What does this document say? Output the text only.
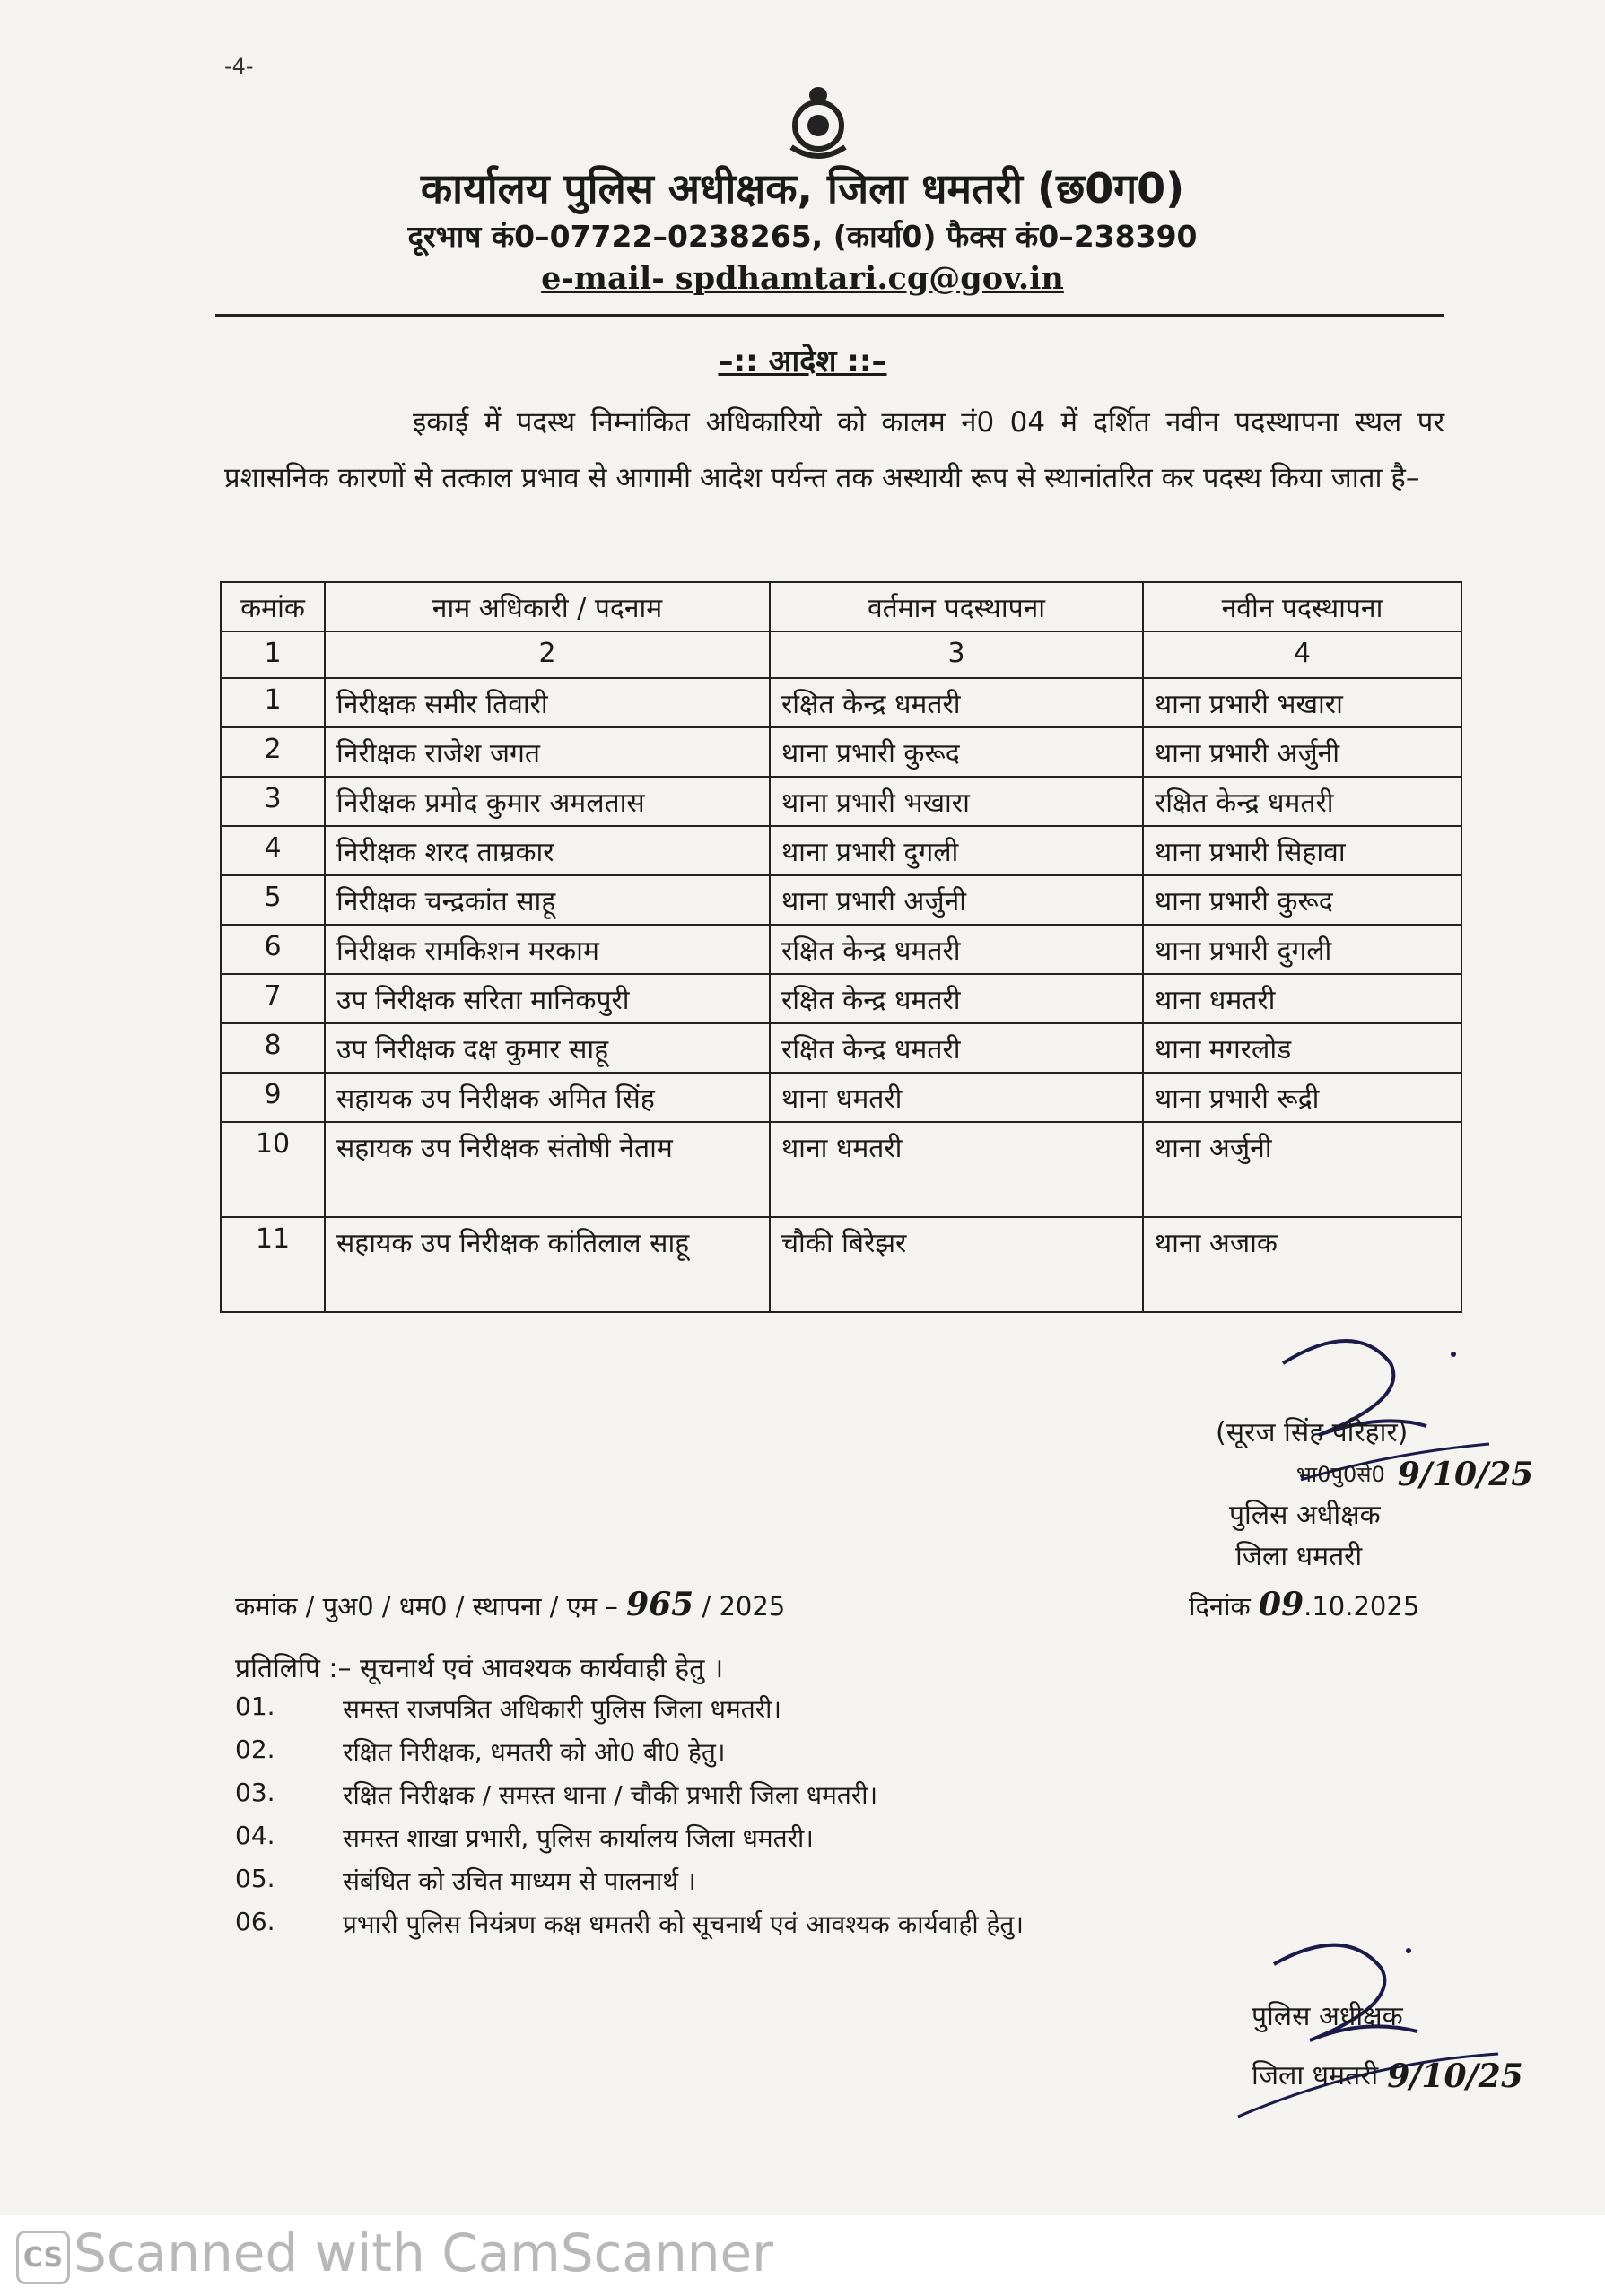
-4-
कार्यालय पुलिस अधीक्षक, जिला धमतरी (छ0ग0)
दूरभाष कं0–07722–0238265, (कार्या0) फैक्स कं0–238390
e-mail- spdhamtari.cg@gov.in
–:: आदेश ::–
इकाई में पदस्थ निम्नांकित अधिकारियो को कालम नं0 04 में दर्शित नवीन पदस्थापना स्थल पर प्रशासनिक कारणों से तत्काल प्रभाव से आगामी आदेश पर्यन्त तक अस्थायी रूप से स्थानांतरित कर पदस्थ किया जाता है–
कमांक	नाम अधिकारी / पदनाम	वर्तमान पदस्थापना	नवीन पदस्थापना
1	2	3	4
1	निरीक्षक समीर तिवारी	रक्षित केन्द्र धमतरी	थाना प्रभारी भखारा
2	निरीक्षक राजेश जगत	थाना प्रभारी कुरूद	थाना प्रभारी अर्जुनी
3	निरीक्षक प्रमोद कुमार अमलतास	थाना प्रभारी भखारा	रक्षित केन्द्र धमतरी
4	निरीक्षक शरद ताम्रकार	थाना प्रभारी दुगली	थाना प्रभारी सिहावा
5	निरीक्षक चन्द्रकांत साहू	थाना प्रभारी अर्जुनी	थाना प्रभारी कुरूद
6	निरीक्षक रामकिशन मरकाम	रक्षित केन्द्र धमतरी	थाना प्रभारी दुगली
7	उप निरीक्षक सरिता मानिकपुरी	रक्षित केन्द्र धमतरी	थाना धमतरी
8	उप निरीक्षक दक्ष कुमार साहू	रक्षित केन्द्र धमतरी	थाना मगरलोड
9	सहायक उप निरीक्षक अमित सिंह	थाना धमतरी	थाना प्रभारी रूद्री
10	सहायक उप निरीक्षक संतोषी नेताम	थाना धमतरी	थाना अर्जुनी
11	सहायक उप निरीक्षक कांतिलाल साहू	चौकी बिरेझर	थाना अजाक
(सूरज सिंह परिहार)
भा0पु0से0 9/10/25
पुलिस अधीक्षक
जिला धमतरी
कमांक / पुअ0 / धम0 / स्थापना / एम – 965 / 2025	दिनांक 09.10.2025
प्रतिलिपि :– सूचनार्थ एवं आवश्यक कार्यवाही हेतु ।
01.	समस्त राजपत्रित अधिकारी पुलिस जिला धमतरी।
02.	रक्षित निरीक्षक, धमतरी को ओ0 बी0 हेतु।
03.	रक्षित निरीक्षक / समस्त थाना / चौकी प्रभारी जिला धमतरी।
04.	समस्त शाखा प्रभारी, पुलिस कार्यालय जिला धमतरी।
05.	संबंधित को उचित माध्यम से पालनार्थ ।
06.	प्रभारी पुलिस नियंत्रण कक्ष धमतरी को सूचनार्थ एवं आवश्यक कार्यवाही हेतु।
पुलिस अधीक्षक
जिला धमतरी 9/10/25
CS Scanned with CamScanner
